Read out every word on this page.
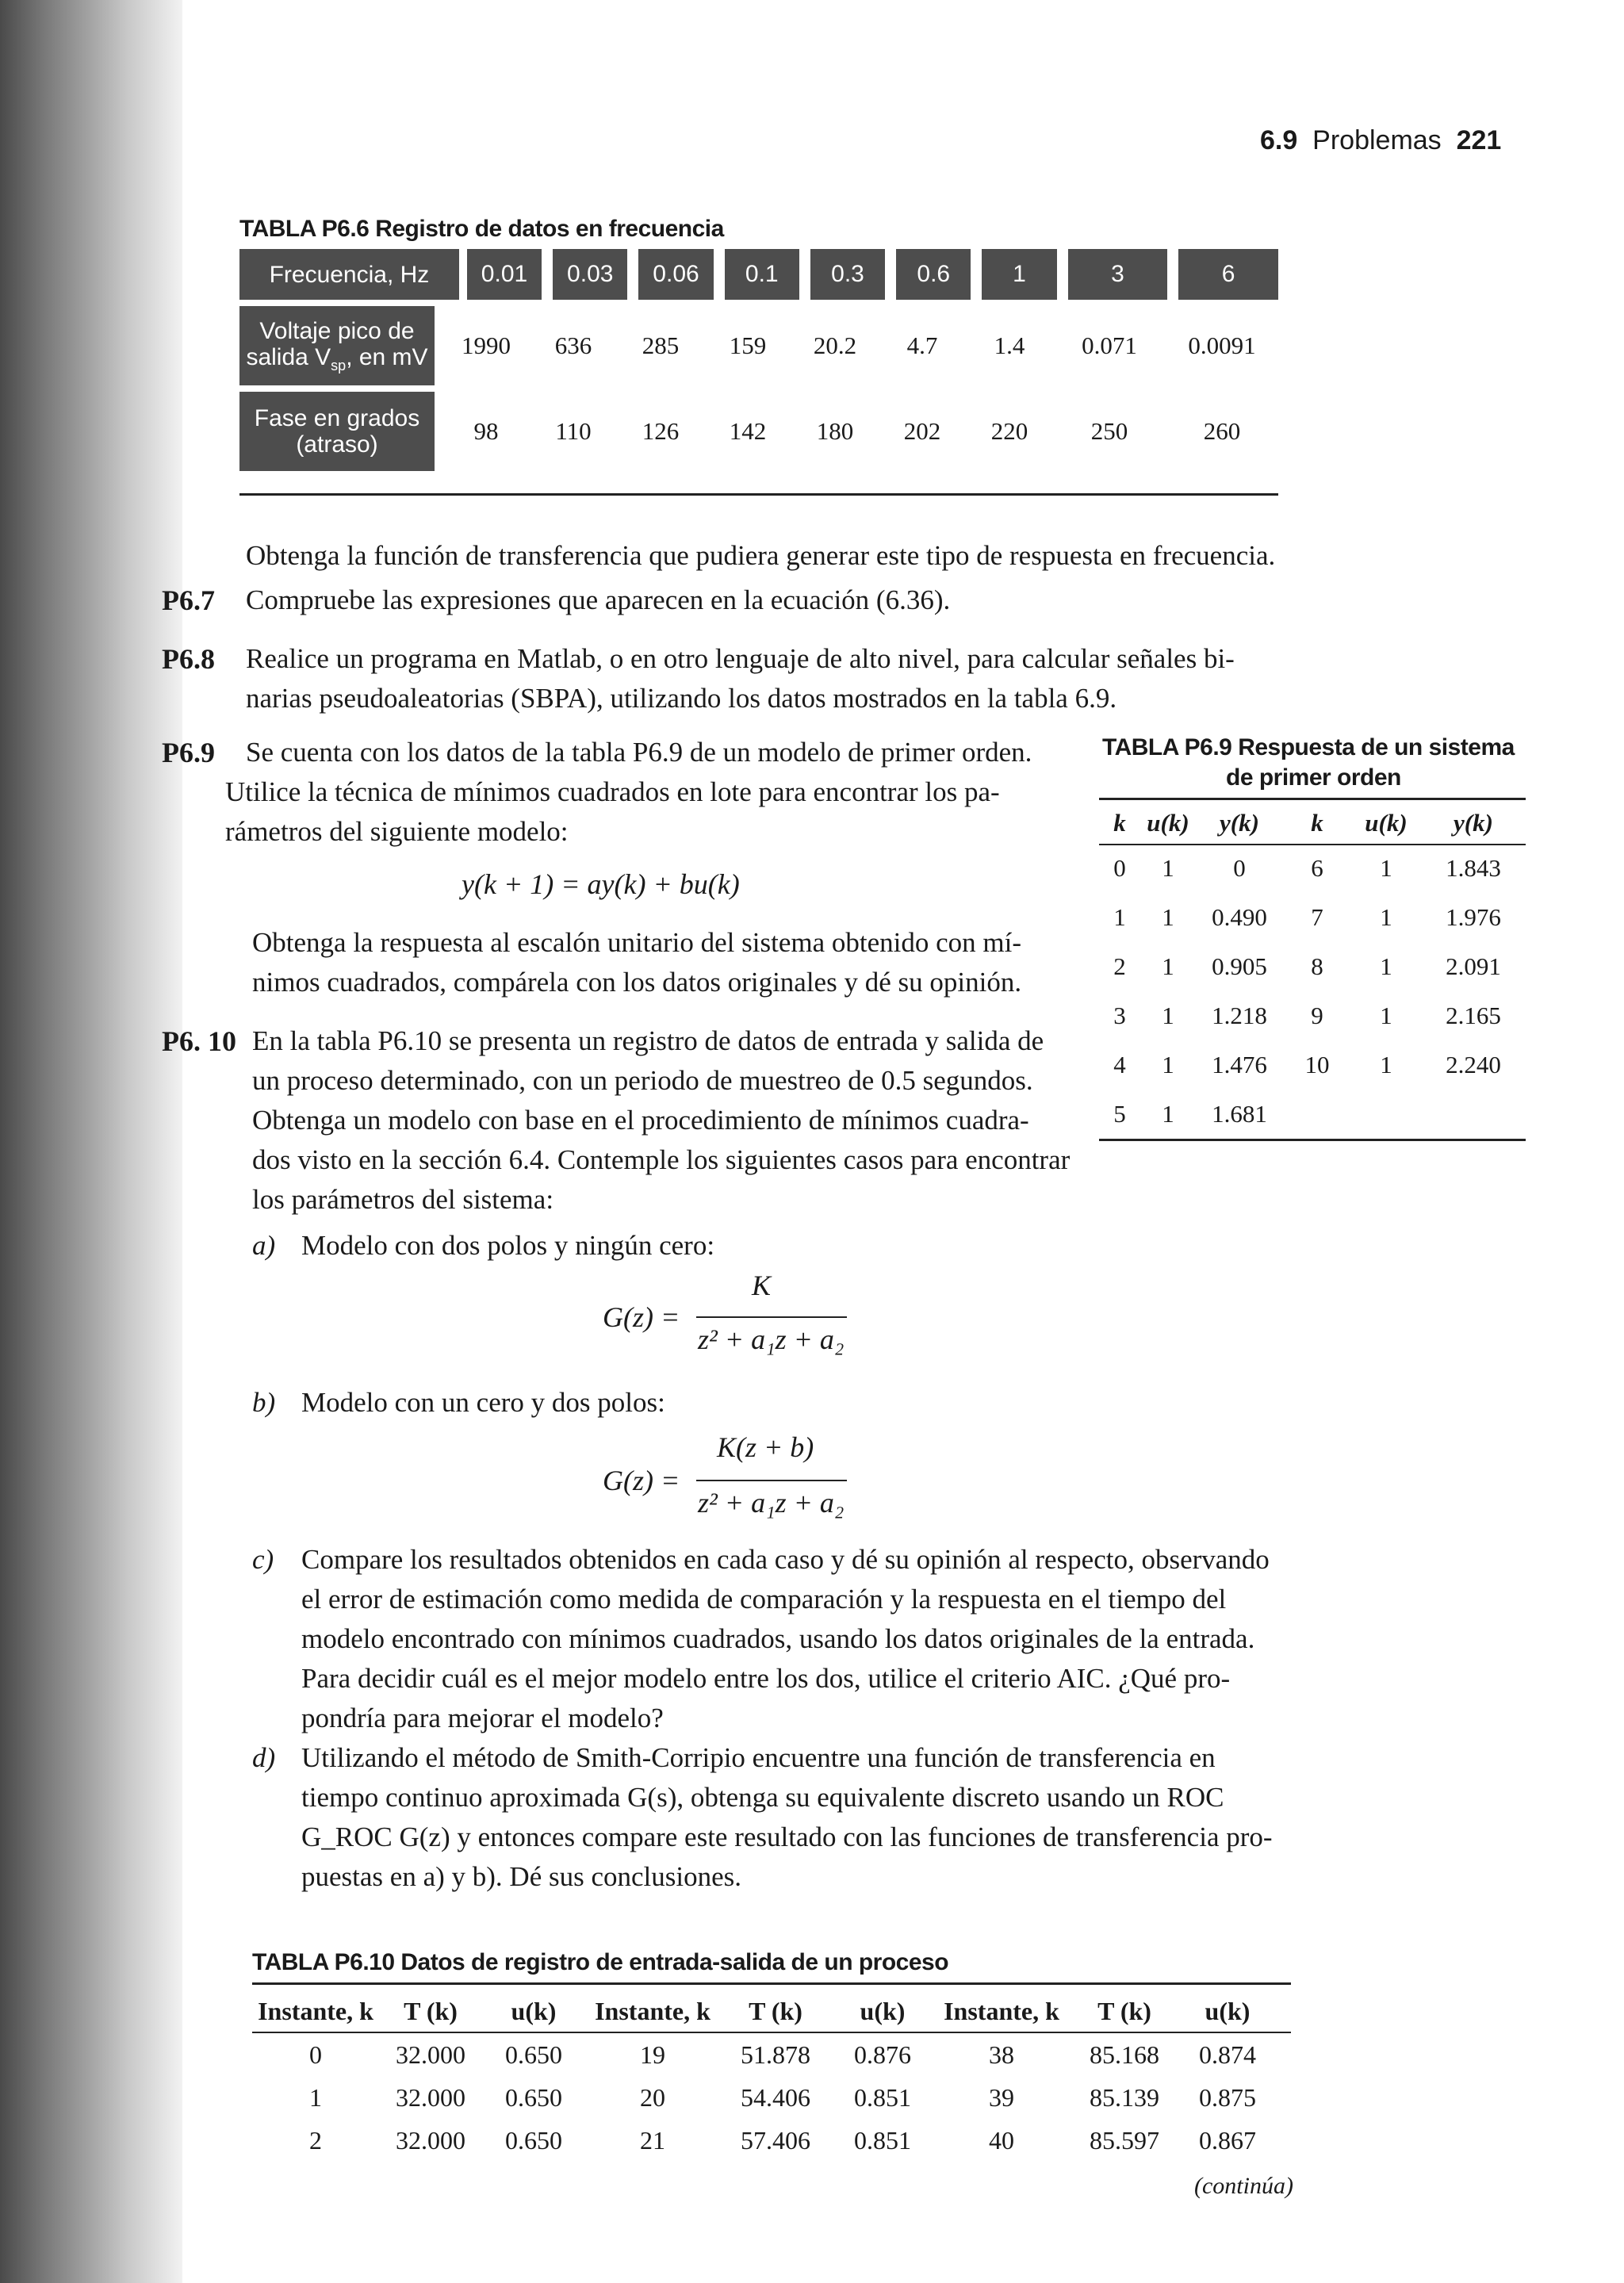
6.9 Problemas 221
TABLA P6.6 Registro de datos en frecuencia
Frecuencia, Hz	0.01	0.03	0.06	0.1	0.3	0.6	1	3	6
Voltaje pico de
salida $V_{sp}$, en mV	1990	636	285	159	20.2	4.7	1.4	0.071	0.0091
Fase en grados
(atraso)	98	110	126	142	180	202	220	250	260
Obtenga la función de transferencia que pudiera generar este tipo de respuesta en frecuencia.
P6.7 Compruebe las expresiones que aparecen en la ecuación (6.36).
P6.8 Realice un programa en Matlab, o en otro lenguaje de alto nivel, para calcular señales bi-
narias pseudoaleatorias (SBPA), utilizando los datos mostrados en la tabla 6.9.
P6.9 Se cuenta con los datos de la tabla P6.9 de un modelo de primer orden.
Utilice la técnica de mínimos cuadrados en lote para encontrar los pa-
rámetros del siguiente modelo:
y(k + 1) = ay(k) + bu(k)
Obtenga la respuesta al escalón unitario del sistema obtenido con mí-
nimos cuadrados, compárela con los datos originales y dé su opinión.
TABLA P6.9 Respuesta de un sistema
de primer orden
k u(k)	y(k)	k	u(k)	y(k)
0	1	0	6	1	1.843
1	1	0.490	7	1	1.976
2	1	0.905	8	1	2.091
3	1	1.218	9	1	2.165
4	1	1.476	10	1	2.240
5	1	1.681
P6. 10 En la tabla P6.10 se presenta un registro de datos de entrada y salida de
un proceso determinado, con un periodo de muestreo de 0.5 segundos.
Obtenga un modelo con base en el procedimiento de mínimos cuadra-
dos visto en la sección 6.4. Contemple los siguientes casos para encontrar
los parámetros del sistema:
a) Modelo con dos polos y ningún cero:
G(z) =
K
z² + a₁z + a₂
b) Modelo con un cero y dos polos:
G(z) =
K(z + b)
z² + a₁z + a₂
c) Compare los resultados obtenidos en cada caso y dé su opinión al respecto, observando
el error de estimación como medida de comparación y la respuesta en el tiempo del
modelo encontrado con mínimos cuadrados, usando los datos originales de la entrada.
Para decidir cuál es el mejor modelo entre los dos, utilice el criterio AIC. ¿Qué pro-
pondría para mejorar el modelo?
d) Utilizando el método de Smith-Corripio encuentre una función de transferencia en
tiempo continuo aproximada G(s), obtenga su equivalente discreto usando un ROC
G_ROC G(z) y entonces compare este resultado con las funciones de transferencia pro-
puestas en a) y b). Dé sus conclusiones.
TABLA P6.10 Datos de registro de entrada-salida de un proceso
Instante, k	T (k)	u(k)	Instante, k	T (k)	u(k)	Instante, k	T (k)	u(k)
0	32.000	0.650	19	51.878	0.876	38	85.168	0.874
1	32.000	0.650	20	54.406	0.851	39	85.139	0.875
2	32.000	0.650	21	57.406	0.851	40	85.597	0.867
(continúa)
